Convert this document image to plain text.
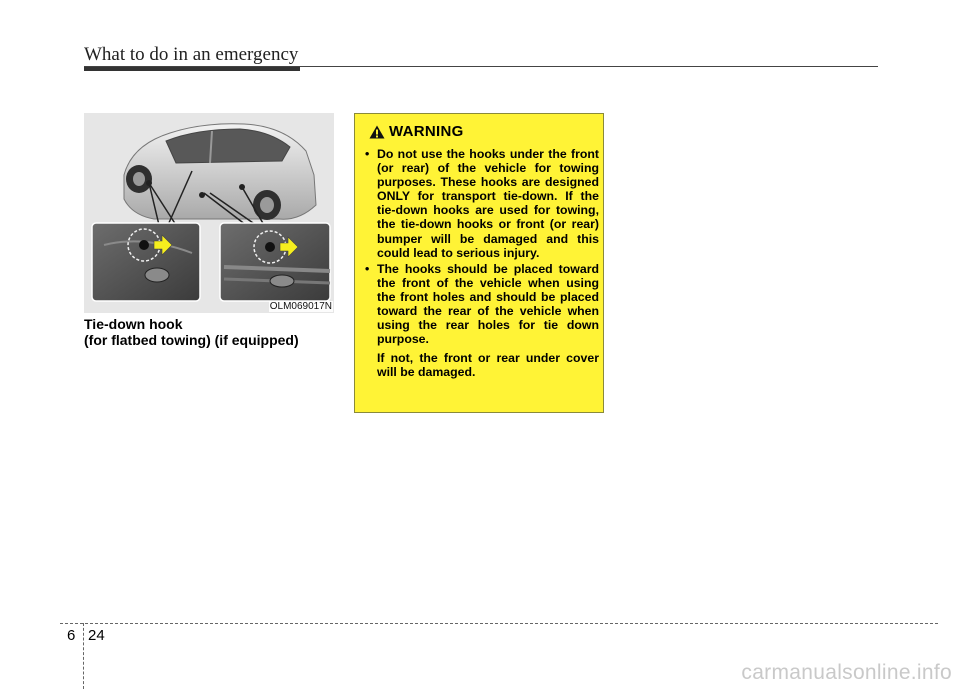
What to do in an emergency
OLM069017N
Tie-down hook
(for flatbed towing) (if equipped)
WARNING
• Do not use the hooks under the front (or rear) of the vehicle for towing purposes. These hooks are designed ONLY for transport tie-down. If the tie-down hooks are used for towing, the tie-down hooks or front (or rear) bumper will be damaged and this could lead to serious injury.
• The hooks should be placed toward the front of the vehicle when using the front holes and should be placed toward the rear of the vehicle when using the rear holes for tie down purpose.
If not, the front or rear under cover will be damaged.
6 24
carmanualsonline.info
